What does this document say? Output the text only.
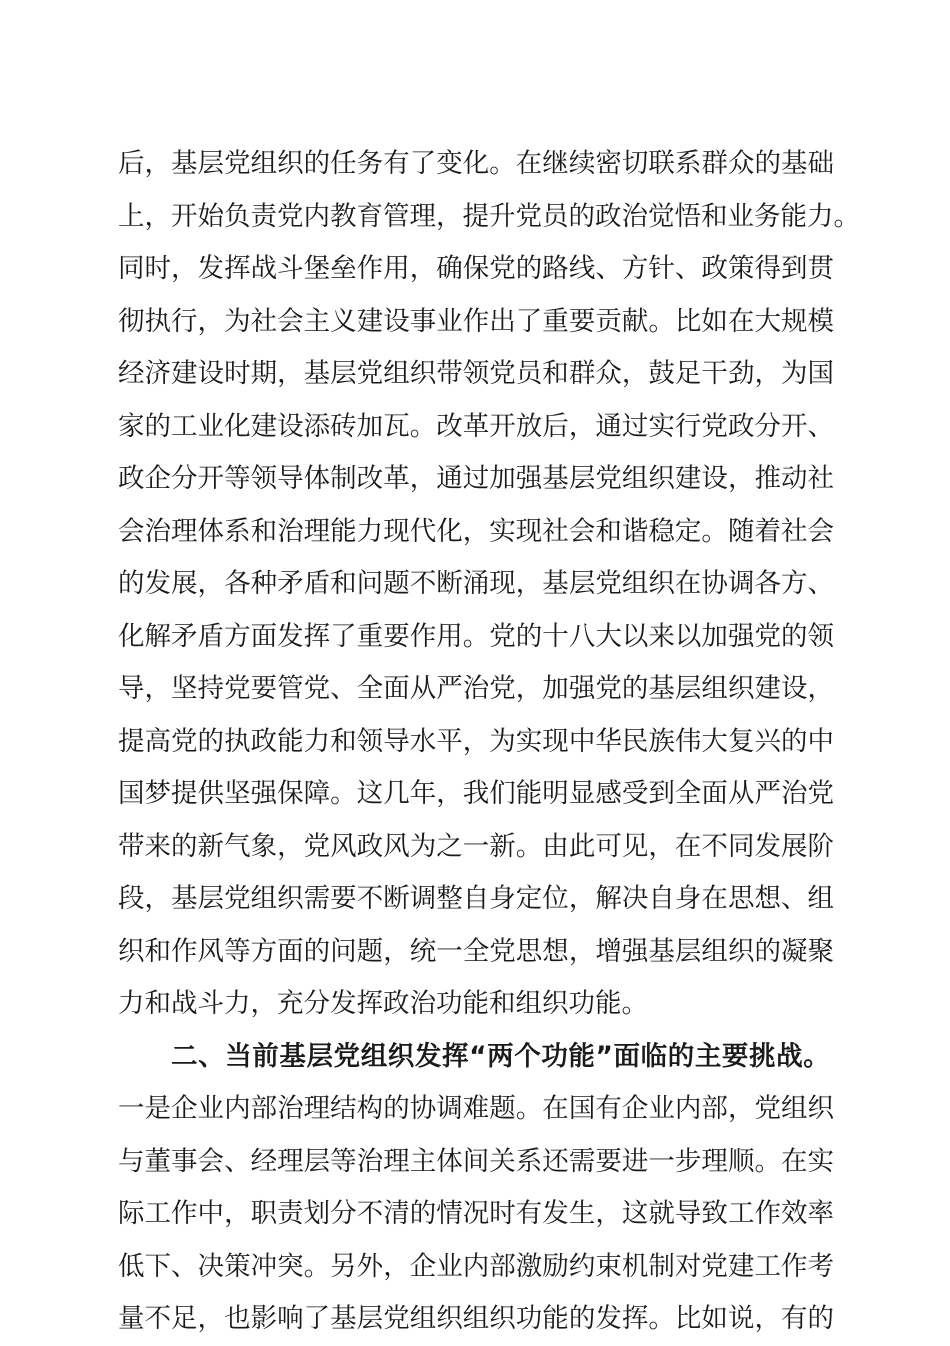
后，基层党组织的任务有了变化。在继续密切联系群众的基础
上，开始负责党内教育管理，提升党员的政治觉悟和业务能力。
同时，发挥战斗堡垒作用，确保党的路线、方针、政策得到贯
彻执行，为社会主义建设事业作出了重要贡献。比如在大规模
经济建设时期，基层党组织带领党员和群众，鼓足干劲，为国
家的工业化建设添砖加瓦。改革开放后，通过实行党政分开、
政企分开等领导体制改革，通过加强基层党组织建设，推动社
会治理体系和治理能力现代化，实现社会和谐稳定。随着社会
的发展，各种矛盾和问题不断涌现，基层党组织在协调各方、
化解矛盾方面发挥了重要作用。党的十八大以来以加强党的领
导，坚持党要管党、全面从严治党，加强党的基层组织建设，
提高党的执政能力和领导水平，为实现中华民族伟大复兴的中
国梦提供坚强保障。这几年，我们能明显感受到全面从严治党
带来的新气象，党风政风为之一新。由此可见，在不同发展阶
段，基层党组织需要不断调整自身定位，解决自身在思想、组
织和作风等方面的问题，统一全党思想，增强基层组织的凝聚
力和战斗力，充分发挥政治功能和组织功能。
二、当前基层党组织发挥“两个功能”面临的主要挑战。
一是企业内部治理结构的协调难题。在国有企业内部，党组织
与董事会、经理层等治理主体间关系还需要进一步理顺。在实
际工作中，职责划分不清的情况时有发生，这就导致工作效率
低下、决策冲突。另外，企业内部激励约束机制对党建工作考
量不足，也影响了基层党组织组织功能的发挥。比如说，有的
